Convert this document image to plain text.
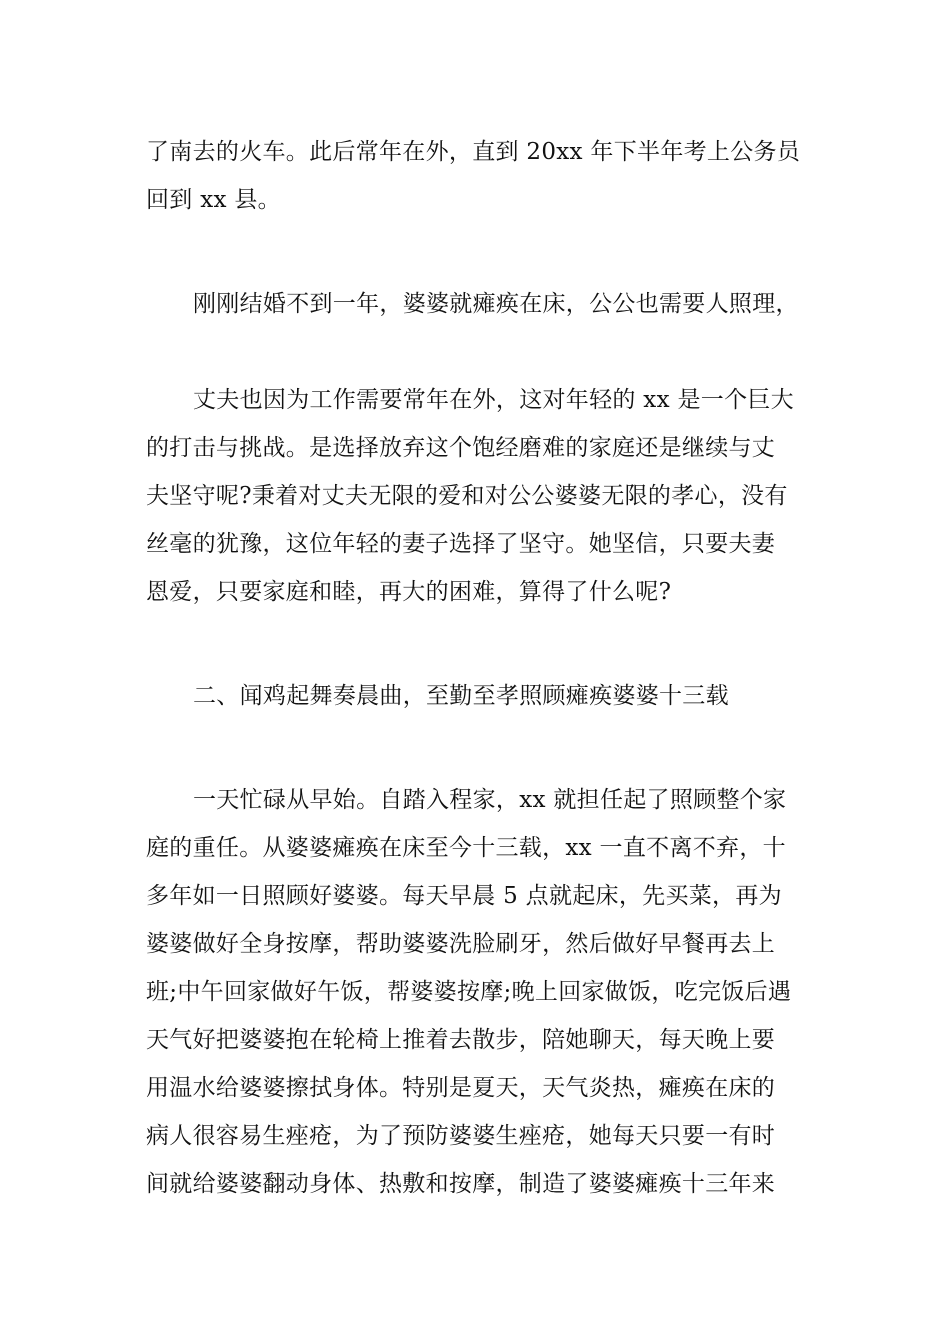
了南去的火车。此后常年在外，直到 20xx 年下半年考上公务员
回到 xx 县。
刚刚结婚不到一年，婆婆就瘫痪在床，公公也需要人照理，
丈夫也因为工作需要常年在外，这对年轻的 xx 是一个巨大
的打击与挑战。是选择放弃这个饱经磨难的家庭还是继续与丈
夫坚守呢?秉着对丈夫无限的爱和对公公婆婆无限的孝心，没有
丝毫的犹豫，这位年轻的妻子选择了坚守。她坚信，只要夫妻
恩爱，只要家庭和睦，再大的困难，算得了什么呢?
二、闻鸡起舞奏晨曲，至勤至孝照顾瘫痪婆婆十三载
一天忙碌从早始。自踏入程家，xx 就担任起了照顾整个家
庭的重任。从婆婆瘫痪在床至今十三载，xx 一直不离不弃，十
多年如一日照顾好婆婆。每天早晨 5 点就起床，先买菜，再为
婆婆做好全身按摩，帮助婆婆洗脸刷牙，然后做好早餐再去上
班;中午回家做好午饭，帮婆婆按摩;晚上回家做饭，吃完饭后遇
天气好把婆婆抱在轮椅上推着去散步，陪她聊天，每天晚上要
用温水给婆婆擦拭身体。特别是夏天，天气炎热，瘫痪在床的
病人很容易生痤疮，为了预防婆婆生痤疮，她每天只要一有时
间就给婆婆翻动身体、热敷和按摩，制造了婆婆瘫痪十三年来
